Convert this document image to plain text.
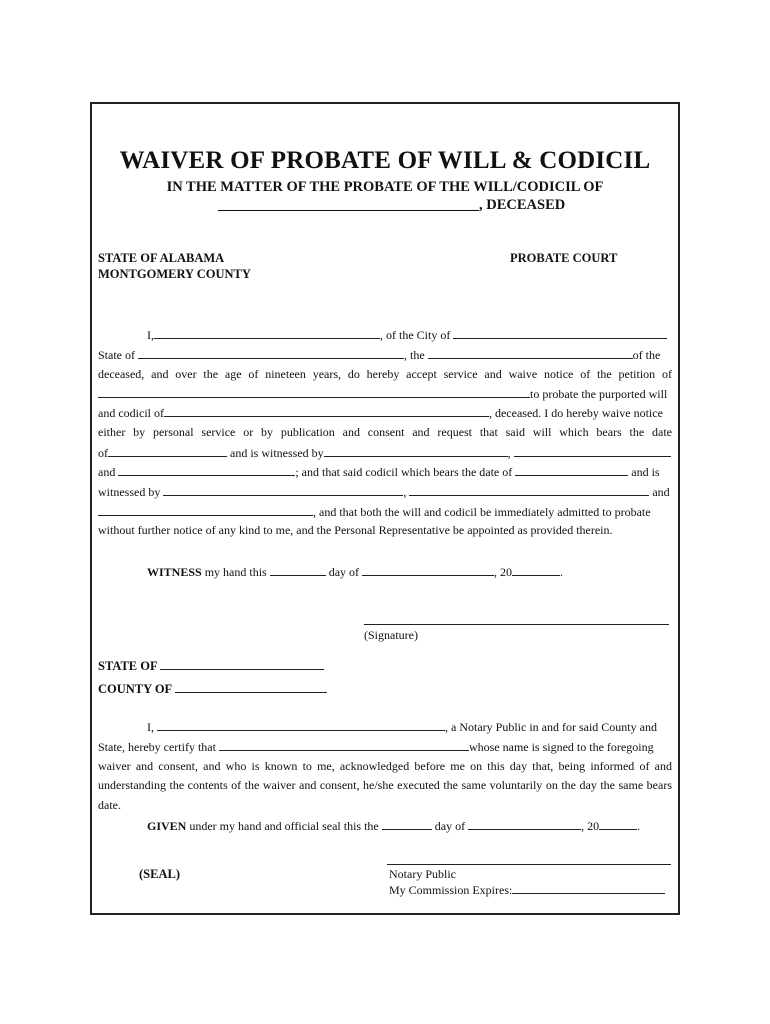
WAIVER OF PROBATE OF WILL & CODICIL
IN THE MATTER OF THE PROBATE OF THE WILL/CODICIL OF
____________________________________, DECEASED
STATE OF ALABAMA
MONTGOMERY COUNTY
PROBATE COURT
I,	, of the City of
State of	, the	of the
deceased, and over the age of nineteen years, do hereby accept service and waive notice of the petition of
to probate the purported will
and codicil of	, deceased. I do hereby waive notice
either by personal service or by publication and consent and request that said will which bears the date
of	and is witnessed by	,
and	; and that said codicil which bears the date of	and is
witnessed by	,	and
, and that both the will and codicil be immediately admitted to probate
without further notice of any kind to me, and the Personal Representative be appointed as provided therein.
WITNESS my hand this	day of	, 20	.
(Signature)
STATE OF
COUNTY OF
I,	, a Notary Public in and for said County and
State, hereby certify that	whose name is signed to the foregoing
waiver and consent, and who is known to me, acknowledged before me on this day that, being informed of and
understanding the contents of the waiver and consent, he/she executed the same voluntarily on the day the same bears
date.
GIVEN under my hand and official seal this the	day of	, 20	.
(SEAL)	Notary Public
My Commission Expires:
